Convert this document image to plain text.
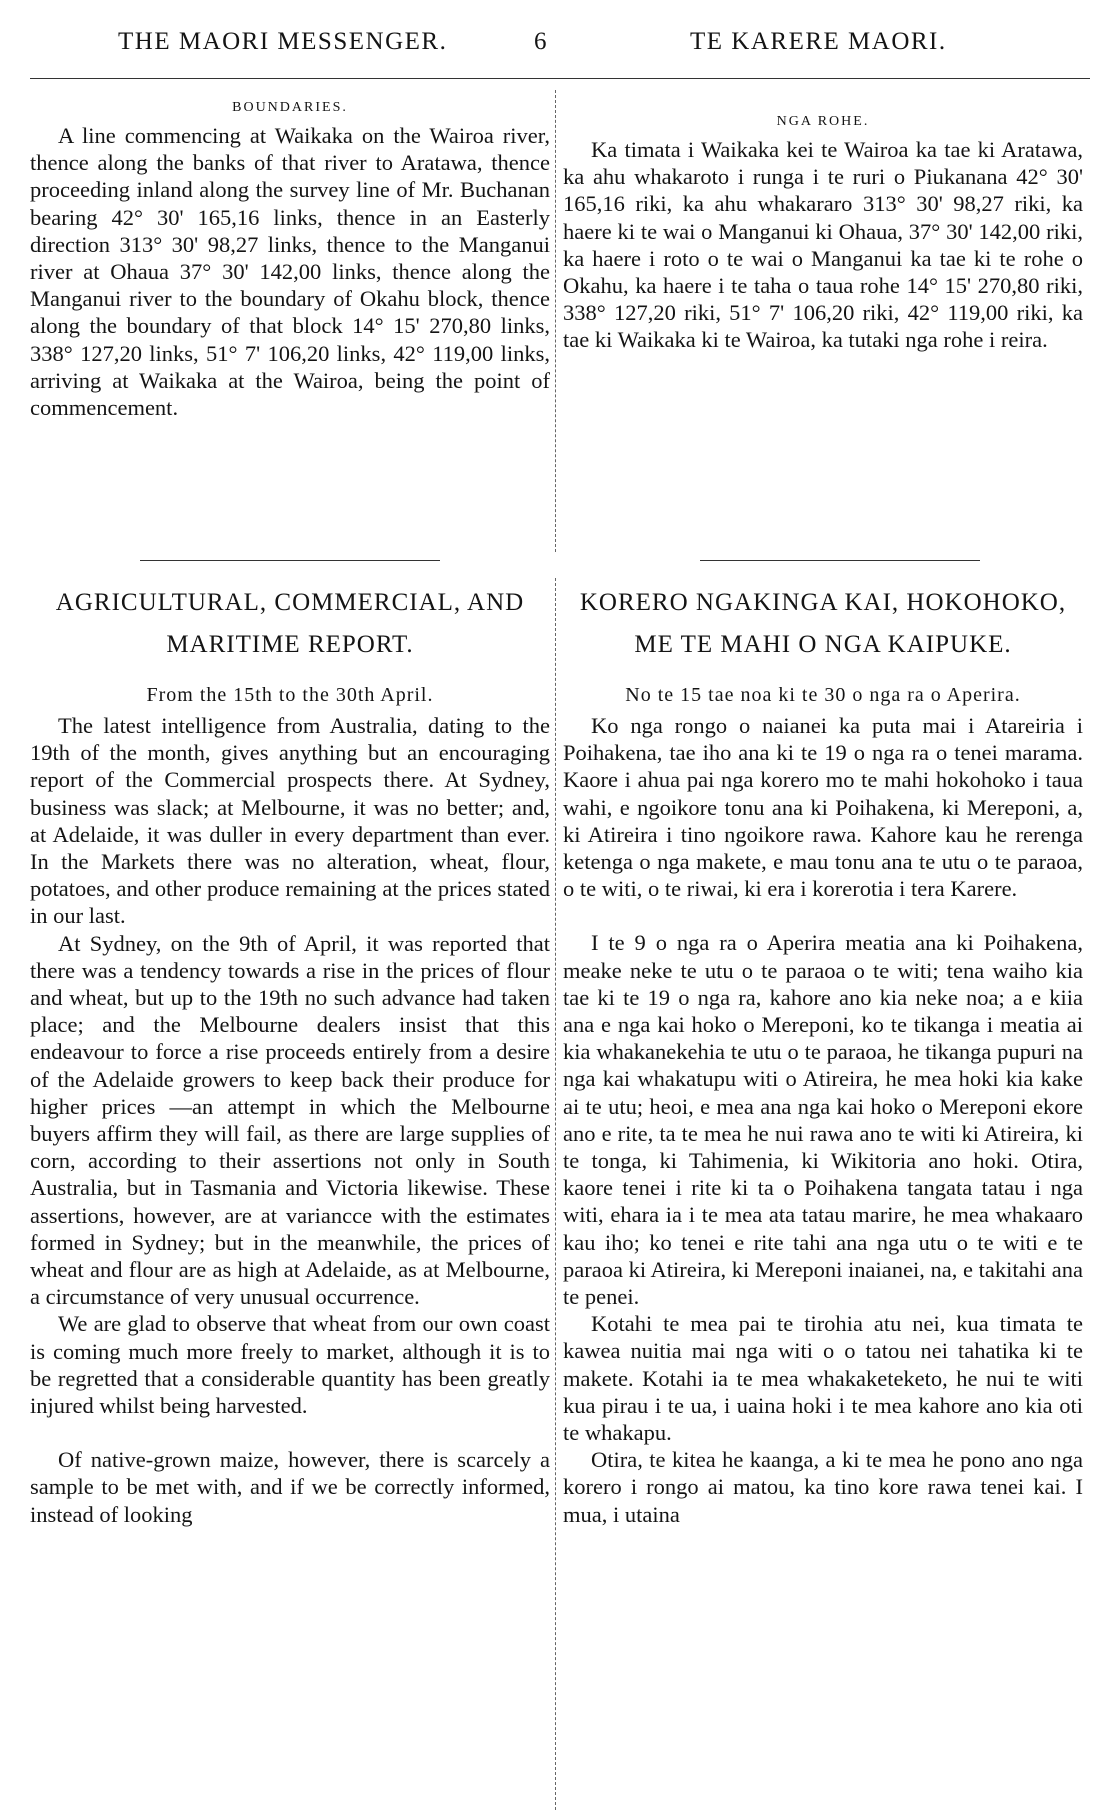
THE MAORI MESSENGER.	6	TE KARERE MAORI.
BOUNDARIES.

A line commencing at Waikaka on the Wairoa river, thence along the banks of that river to Aratawa, thence proceeding inland along the survey line of Mr. Buchanan bearing 42° 30' 165,16 links, thence in an Easterly direction 313° 30' 98,27 links, thence to the Manganui river at Ohaua 37° 30' 142,00 links, thence along the Manganui river to the boundary of Okahu block, thence along the boundary of that block 14° 15' 270,80 links, 338° 127,20 links, 51° 7' 106,20 links, 42° 119,00 links, arriving at Waikaka at the Wairoa, being the point of commencement.

NGA ROHE.

Ka timata i Waikaka kei te Wairoa ka tae ki Aratawa, ka ahu whakaroto i runga i te ruri o Piukanana 42° 30' 165,16 riki, ka ahu whakararo 313° 30' 98,27 riki, ka haere ki te wai o Manganui ki Ohaua, 37° 30' 142,00 riki, ka haere i roto o te wai o Manganui ka tae ki te rohe o Okahu, ka haere i te taha o taua rohe 14° 15' 270,80 riki, 338° 127,20 riki, 51° 7' 106,20 riki, 42° 119,00 riki, ka tae ki Waikaka ki te Wairoa, ka tutaki nga rohe i reira.

AGRICULTURAL, COMMERCIAL, AND
MARITIME REPORT.
From the 15th to the 30th April.

The latest intelligence from Australia, dating to the 19th of the month, gives anything but an encouraging report of the Commercial prospects there. At Sydney, business was slack; at Melbourne, it was no better; and, at Adelaide, it was duller in every department than ever. In the Markets there was no alteration, wheat, flour, potatoes, and other produce remaining at the prices stated in our last.

At Sydney, on the 9th of April, it was reported that there was a tendency towards a rise in the prices of flour and wheat, but up to the 19th no such advance had taken place; and the Melbourne dealers insist that this endeavour to force a rise proceeds entirely from a desire of the Adelaide growers to keep back their produce for higher prices —an attempt in which the Melbourne buyers affirm they will fail, as there are large supplies of corn, according to their assertions not only in South Australia, but in Tasmania and Victoria likewise. These assertions, however, are at variancce with the estimates formed in Sydney; but in the meanwhile, the prices of wheat and flour are as high at Adelaide, as at Melbourne, a circumstance of very unusual occurrence.

We are glad to observe that wheat from our own coast is coming much more freely to market, although it is to be regretted that a considerable quantity has been greatly injured whilst being harvested.

Of native-grown maize, however, there is scarcely a sample to be met with, and if we be correctly informed, instead of looking

KORERO NGAKINGA KAI, HOKOHOKO,
ME TE MAHI O NGA KAIPUKE.
No te 15 tae noa ki te 30 o nga ra o Aperira.

Ko nga rongo o naianei ka puta mai i Atareiria i Poihakena, tae iho ana ki te 19 o nga ra o tenei marama. Kaore i ahua pai nga korero mo te mahi hokohoko i taua wahi, e ngoikore tonu ana ki Poihakena, ki Mereponi, a, ki Atireira i tino ngoikore rawa. Kahore kau he rerenga ketenga o nga makete, e mau tonu ana te utu o te paraoa, o te witi, o te riwai, ki era i korerotia i tera Karere.

I te 9 o nga ra o Aperira meatia ana ki Poihakena, meake neke te utu o te paraoa o te witi; tena waiho kia tae ki te 19 o nga ra, kahore ano kia neke noa; a e kiia ana e nga kai hoko o Mereponi, ko te tikanga i meatia ai kia whakanekehia te utu o te paraoa, he tikanga pupuri na nga kai whakatupu witi o Atireira, he mea hoki kia kake ai te utu; heoi, e mea ana nga kai hoko o Mereponi ekore ano e rite, ta te mea he nui rawa ano te witi ki Atireira, ki te tonga, ki Tahimenia, ki Wikitoria ano hoki. Otira, kaore tenei i rite ki ta o Poihakena tangata tatau i nga witi, ehara ia i te mea ata tatau marire, he mea whakaaro kau iho; ko tenei e rite tahi ana nga utu o te witi e te paraoa ki Atireira, ki Mereponi inaianei, na, e takitahi ana te penei.

Kotahi te mea pai te tirohia atu nei, kua timata te kawea nuitia mai nga witi o o tatou nei tahatika ki te makete. Kotahi ia te mea whakaketeketo, he nui te witi kua pirau i te ua, i uaina hoki i te mea kahore ano kia oti te whakapu.

Otira, te kitea he kaanga, a ki te mea he pono ano nga korero i rongo ai matou, ka tino kore rawa tenei kai. I mua, i utaina
